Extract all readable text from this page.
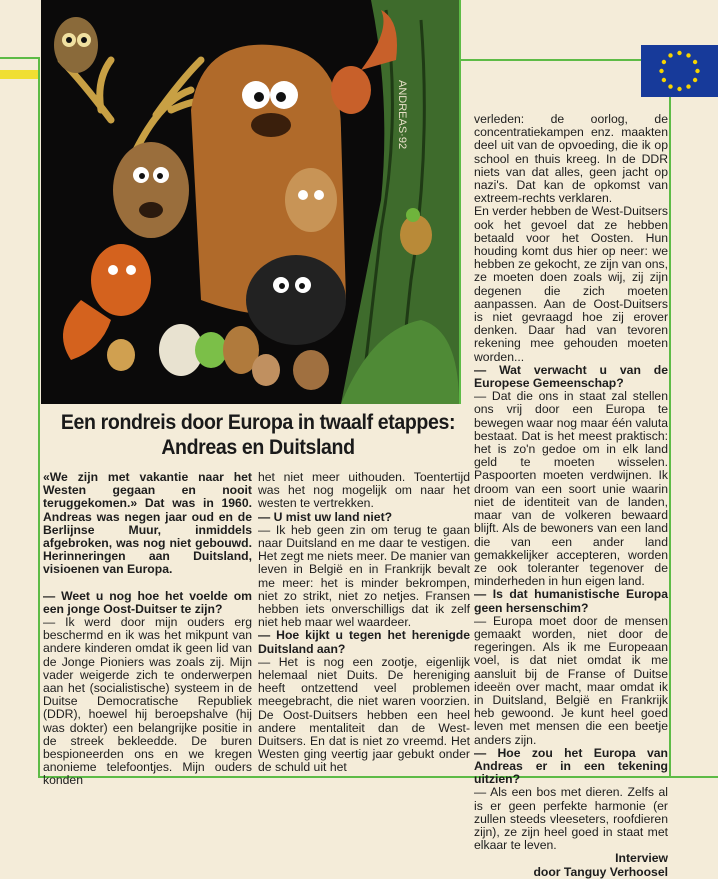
ANDREAS·92
Een rondreis door Europa in twaalf etappes:
Andreas en Duitsland

«We zijn met vakantie naar het Westen gegaan en nooit teruggekomen.» Dat was in 1960. Andreas was negen jaar oud en de Berlijnse Muur, inmiddels afgebroken, was nog niet gebouwd. Herinneringen aan Duitsland, visioenen van Europa.

— Weet u nog hoe het voelde om een jonge Oost-Duitser te zijn?

— Ik werd door mijn ouders erg beschermd en ik was het mikpunt van andere kinderen omdat ik geen lid van de Jonge Pioniers was zoals zij. Mijn vader weigerde zich te onderwerpen aan het (socialistische) systeem in de Duitse Democratische Republiek (DDR), hoewel hij beroepshalve (hij was dokter) een belangrijke positie in de streek bekleedde. De buren bespioneerden ons en we kregen anonieme telefoontjes. Mijn ouders konden

het niet meer uithouden. Toentertijd was het nog mogelijk om naar het westen te vertrekken.

— U mist uw land niet?

— Ik heb geen zin om terug te gaan naar Duitsland en me daar te vestigen. Het zegt me niets meer. De manier van leven in België en in Frankrijk bevalt me meer: het is minder bekrompen, niet zo strikt, niet zo netjes. Fransen hebben iets onverschilligs dat ik zelf niet heb maar wel waardeer.

— Hoe kijkt u tegen het herenigde Duitsland aan?

— Het is nog een zootje, eigenlijk helemaal niet Duits. De hereniging heeft ontzettend veel problemen meegebracht, die niet waren voorzien. De Oost-Duitsers hebben een heel andere mentaliteit dan de West-Duitsers. En dat is niet zo vreemd. Het Westen ging veertig jaar gebukt onder de schuld uit het

verleden: de oorlog, de concentratiekampen enz. maakten deel uit van de opvoeding, die ik op school en thuis kreeg. In de DDR niets van dat alles, geen jacht op nazi's. Dat kan de opkomst van extreem-rechts verklaren.

En verder hebben de West-Duitsers ook het gevoel dat ze hebben betaald voor het Oosten. Hun houding komt dus hier op neer: we hebben ze gekocht, ze zijn van ons, ze moeten doen zoals wij, zij zijn degenen die zich moeten aanpassen. Aan de Oost-Duitsers is niet gevraagd hoe zij erover denken. Daar had van tevoren rekening mee gehouden moeten worden...

— Wat verwacht u van de Europese Gemeenschap?

— Dat die ons in staat zal stellen ons vrij door een Europa te bewegen waar nog maar één valuta bestaat. Dat is het meest praktisch: het is zo'n gedoe om in elk land geld te moeten wisselen. Paspoorten moeten verdwijnen. Ik droom van een soort unie waarin niet de identiteit van de landen, maar van de volkeren bewaard blijft. Als de bewoners van een land die van een ander land gemakkelijker accepteren, worden ze ook toleranter tegenover de minderheden in hun eigen land.

— Is dat humanistische Europa geen hersenschim?

— Europa moet door de mensen gemaakt worden, niet door de regeringen. Als ik me Europeaan voel, is dat niet omdat ik me aansluit bij de Franse of Duitse ideeën over macht, maar omdat ik in Duitsland, België en Frankrijk heb gewoond. Je kunt heel goed leven met mensen die een beetje anders zijn.

— Hoe zou het Europa van Andreas er in een tekening uitzien?

— Als een bos met dieren. Zelfs al is er geen perfekte harmonie (er zullen steeds vleeseters, roofdieren zijn), ze zijn heel goed in staat met elkaar te leven.

Interview

door Tanguy Verhoosel
